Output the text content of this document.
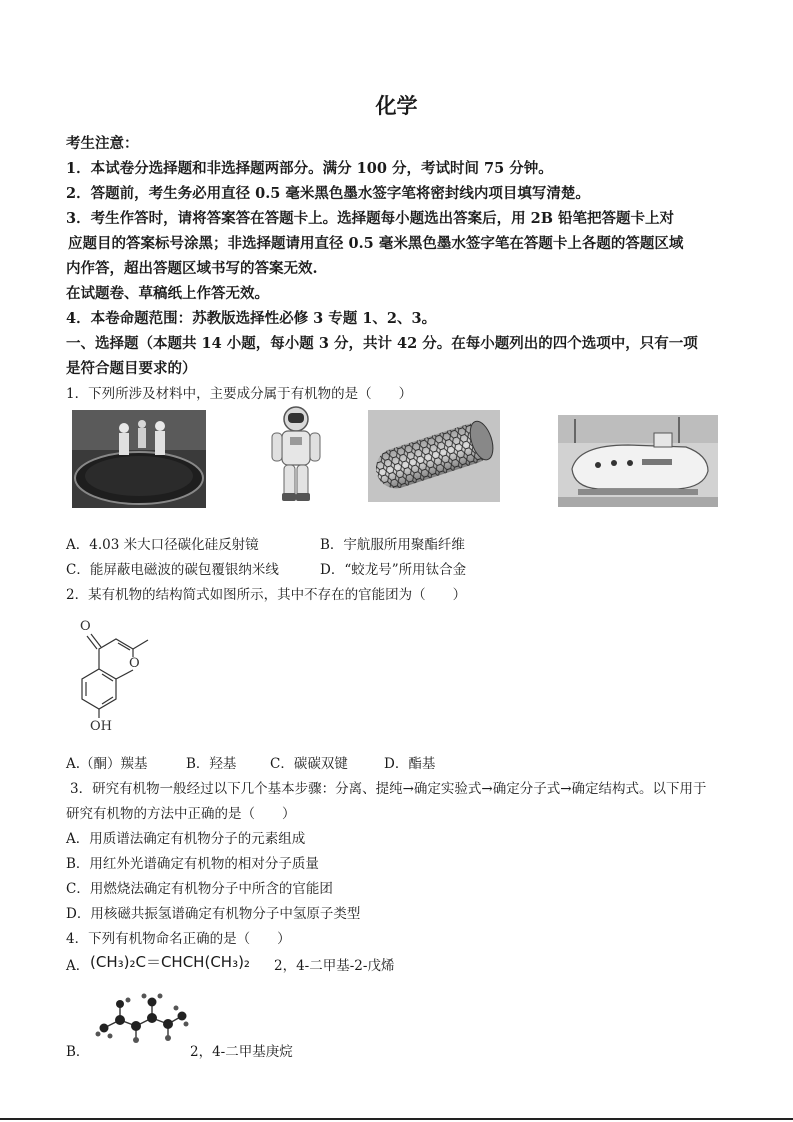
化学
考生注意：
1．本试卷分选择题和非选择题两部分。满分 100 分，考试时间 75 分钟。
2．答题前，考生务必用直径 0.5 毫米黑色墨水签字笔将密封线内项目填写清楚。
3．考生作答时，请将答案答在答题卡上。选择题每小题选出答案后，用 2B 铅笔把答题卡上对
应题目的答案标号涂黑；非选择题请用直径 0.5 毫米黑色墨水签字笔在答题卡上各题的答题区域
内作答，超出答题区域书写的答案无效.
在试题卷、草稿纸上作答无效。
4．本卷命题范围：苏教版选择性必修 3 专题 1、2、3。
一、选择题（本题共 14 小题，每小题 3 分，共计 42 分。在每小题列出的四个选项中，只有一项
是符合题目要求的）
1．下列所涉及材料中，主要成分属于有机物的是（　　）
A．4.03 米大口径碳化硅反射镜	B．宇航服所用聚酯纤维
C．能屏蔽电磁波的碳包覆银纳米线	D．“蛟龙号”所用钛合金
2．某有机物的结构简式如图所示，其中不存在的官能团为（　　）
O
O
OH
A.（酮）羰基	B．羟基 C．碳碳双键	D．酯基
3．研究有机物一般经过以下几个基本步骤：分离、提纯→确定实验式→确定分子式→确定结构式。以下用于
研究有机物的方法中正确的是（　　）
A．用质谱法确定有机物分子的元素组成
B．用红外光谱确定有机物的相对分子质量
C．用燃烧法确定有机物分子中所含的官能团
D．用核磁共振氢谱确定有机物分子中氢原子类型
4．下列有机物命名正确的是（　　）
A． (CH₃)₂C＝CHCH(CH₃)₂ 2，4-二甲基-2-戊烯
B．	2，4-二甲基庚烷
